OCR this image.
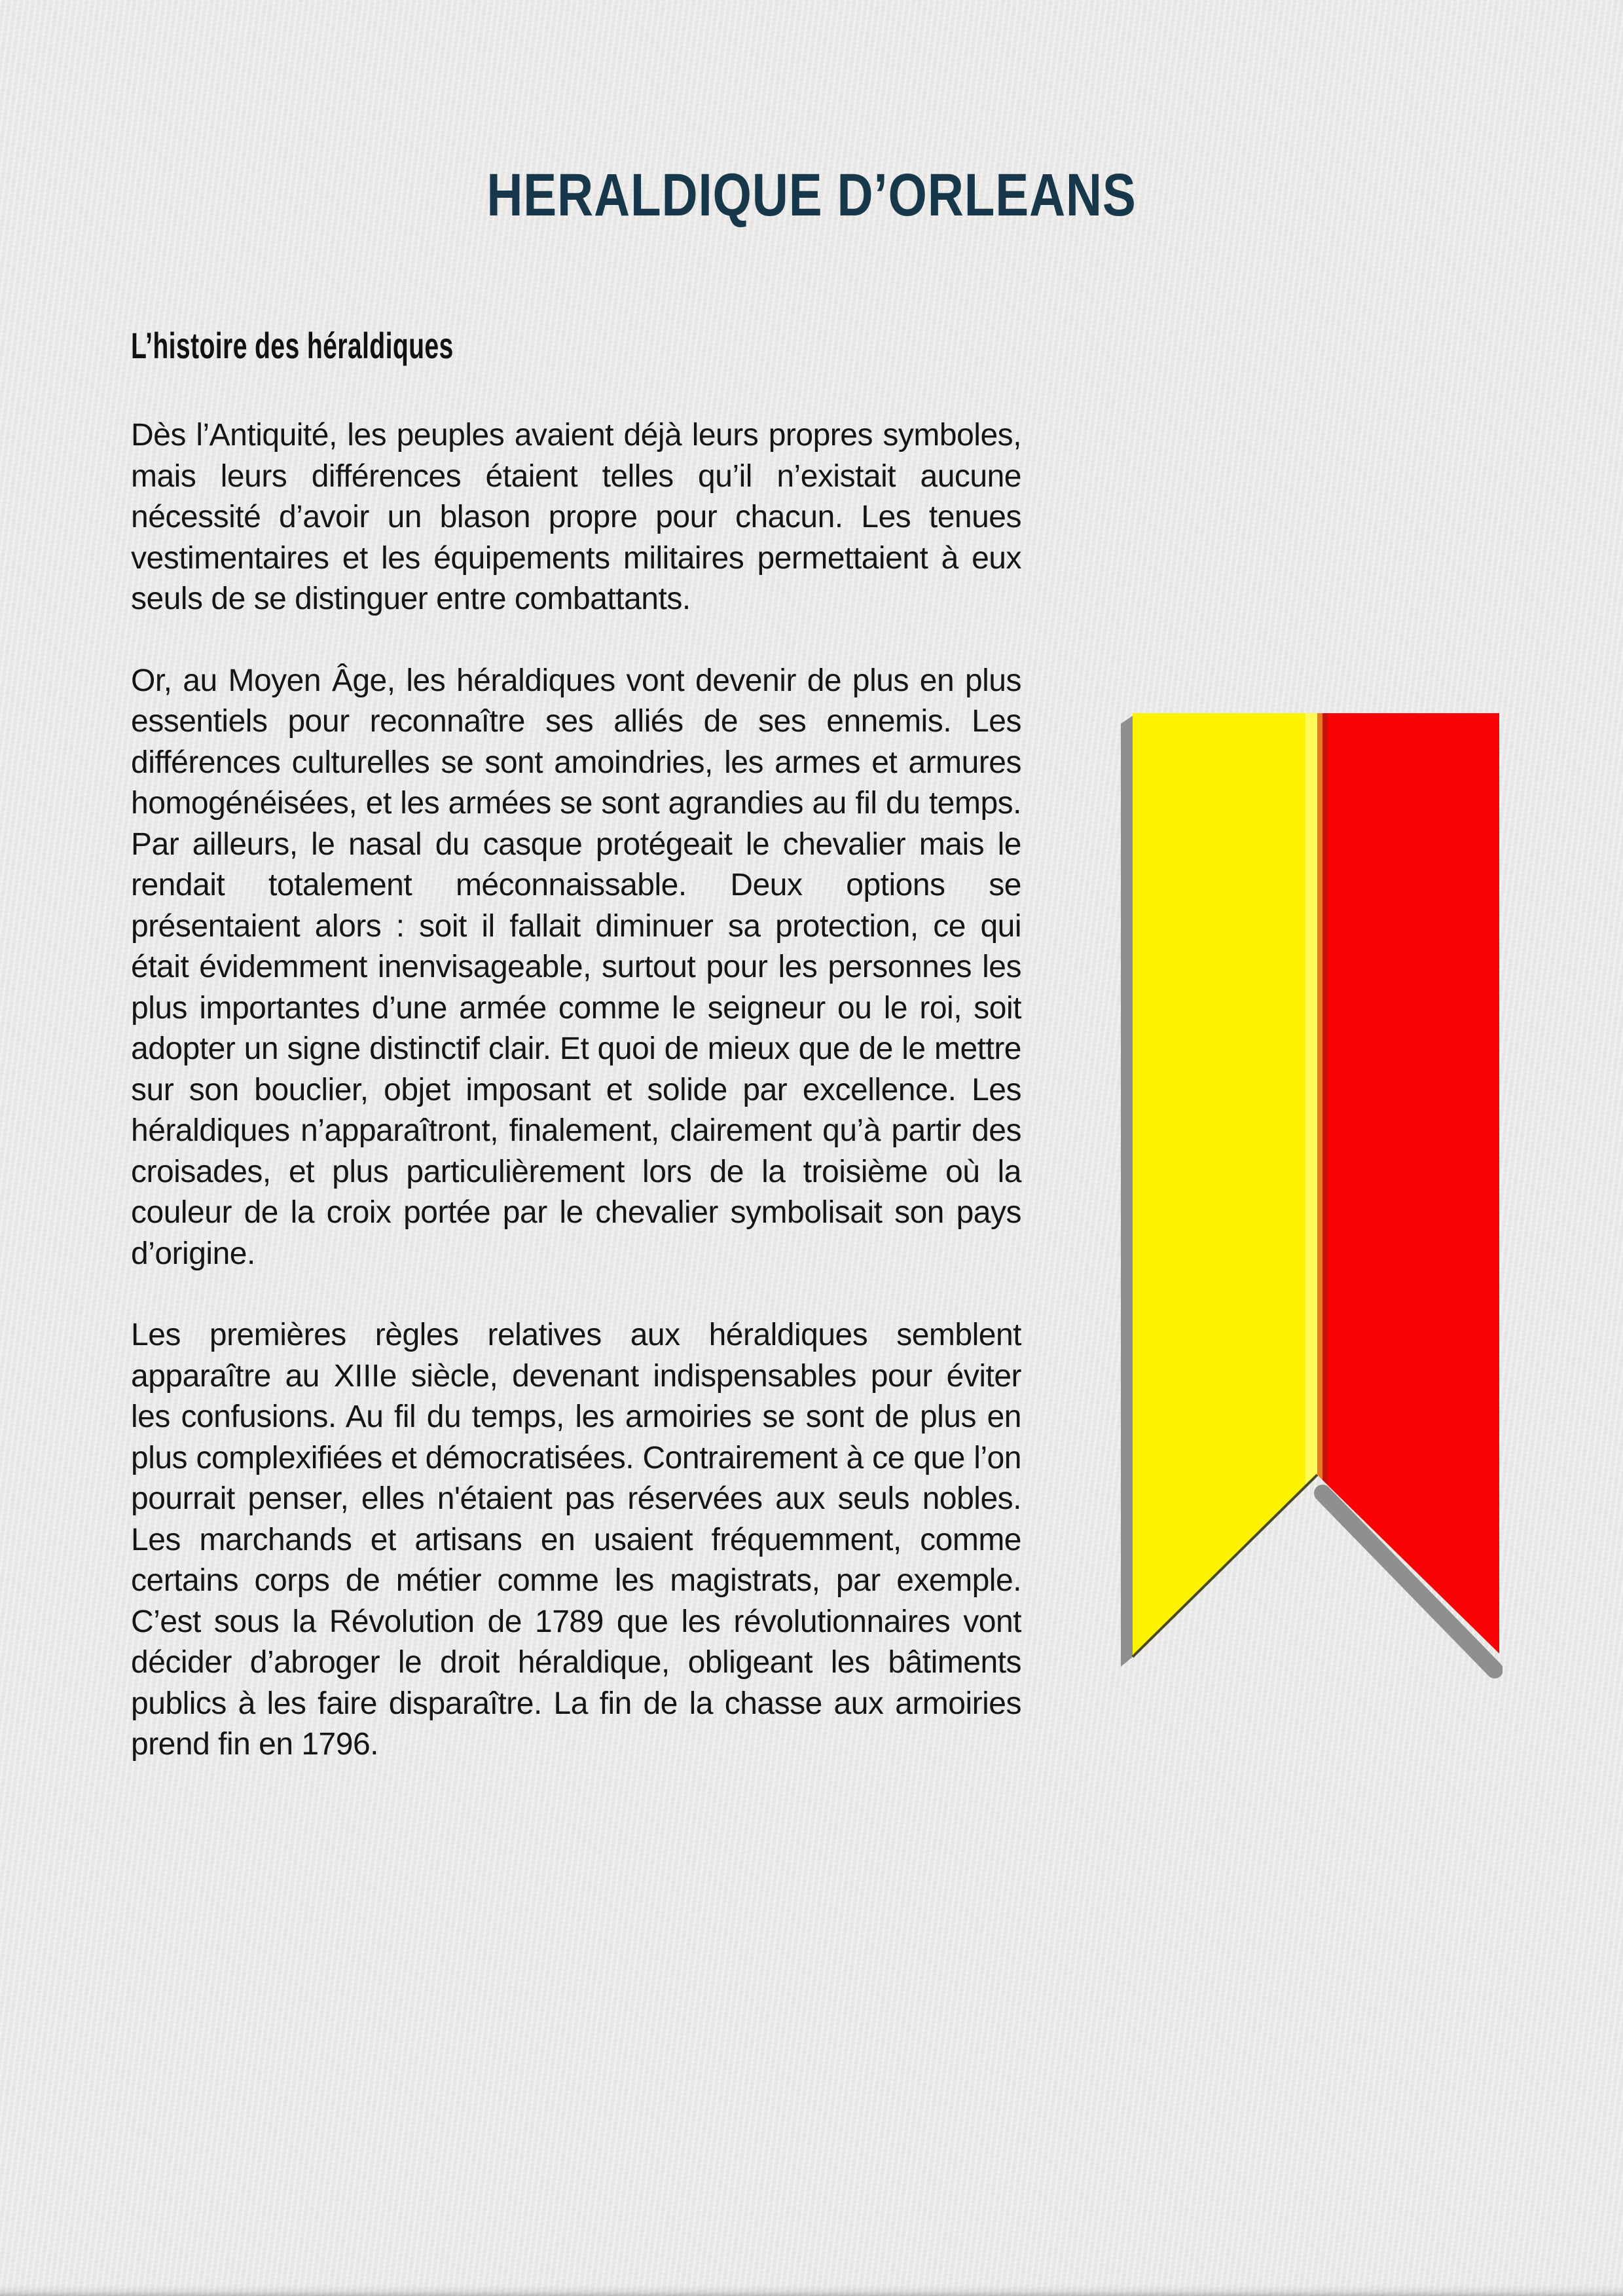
HERALDIQUE D’ORLEANS
L’histoire des héraldiques

Dès l’Antiquité, les peuples avaient déjà leurs propres symboles, mais leurs différences étaient telles qu’il n’existait aucune nécessité d’avoir un blason propre pour chacun. Les tenues vestimentaires et les équipements militaires permettaient à eux seuls de se distinguer entre combattants.

Or, au Moyen Âge, les héraldiques vont devenir de plus en plus essentiels pour reconnaître ses alliés de ses ennemis. Les différences culturelles se sont amoindries, les armes et armures homogénéisées, et les armées se sont agrandies au fil du temps. Par ailleurs, le nasal du casque protégeait le chevalier mais le rendait totalement méconnaissable. Deux options se présentaient alors : soit il fallait diminuer sa protection, ce qui était évidemment inenvisageable, surtout pour les personnes les plus importantes d’une armée comme le seigneur ou le roi, soit adopter un signe distinctif clair. Et quoi de mieux que de le mettre sur son bouclier, objet imposant et solide par excellence. Les héraldiques n’apparaîtront, finalement, clairement qu’à partir des croisades, et plus particulièrement lors de la troisième où la couleur de la croix portée par le chevalier symbolisait son pays d’origine.

Les premières règles relatives aux héraldiques semblent apparaître au XIIIe siècle, devenant indispensables pour éviter les confusions. Au fil du temps, les armoiries se sont de plus en plus complexifiées et démocratisées. Contrairement à ce que l’on pourrait penser, elles n'étaient pas réservées aux seuls nobles. Les marchands et artisans en usaient fréquemment, comme certains corps de métier comme les magistrats, par exemple. C’est sous la Révolution de 1789 que les révolutionnaires vont décider d’abroger le droit héraldique, obligeant les bâtiments publics à les faire disparaître. La fin de la chasse aux armoiries prend fin en 1796.
